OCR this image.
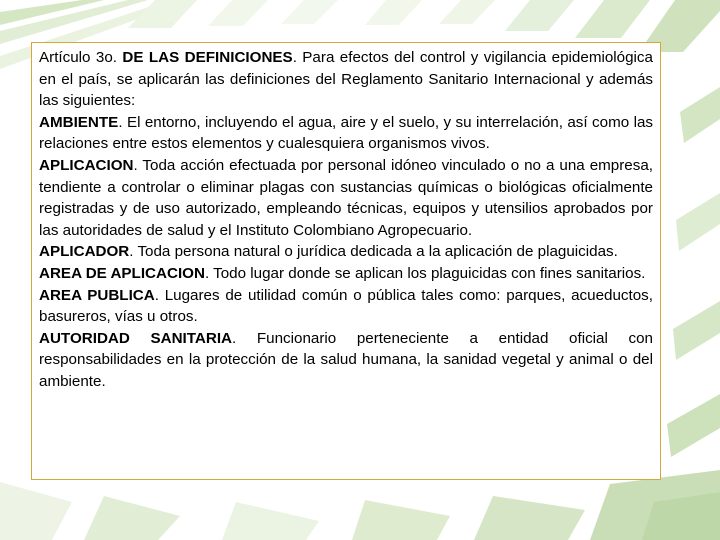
Artículo 3o. DE LAS DEFINICIONES. Para efectos del control y vigilancia epidemiológica en el país, se aplicarán las definiciones del Reglamento Sanitario Internacional y además las siguientes:

AMBIENTE. El entorno, incluyendo el agua, aire y el suelo, y su interrelación, así como las relaciones entre estos elementos y cualesquiera organismos vivos.

APLICACION. Toda acción efectuada por personal idóneo vinculado o no a una empresa, tendiente a controlar o eliminar plagas con sustancias químicas o biológicas oficialmente registradas y de uso autorizado, empleando técnicas, equipos y utensilios aprobados por las autoridades de salud y el Instituto Colombiano Agropecuario.

APLICADOR. Toda persona natural o jurídica dedicada a la aplicación de plaguicidas.

AREA DE APLICACION. Todo lugar donde se aplican los plaguicidas con fines sanitarios.

AREA PUBLICA. Lugares de utilidad común o pública tales como: parques, acueductos, basureros, vías u otros.

AUTORIDAD SANITARIA. Funcionario perteneciente a entidad oficial con responsabilidades en la protección de la salud humana, la sanidad vegetal y animal o del ambiente.
